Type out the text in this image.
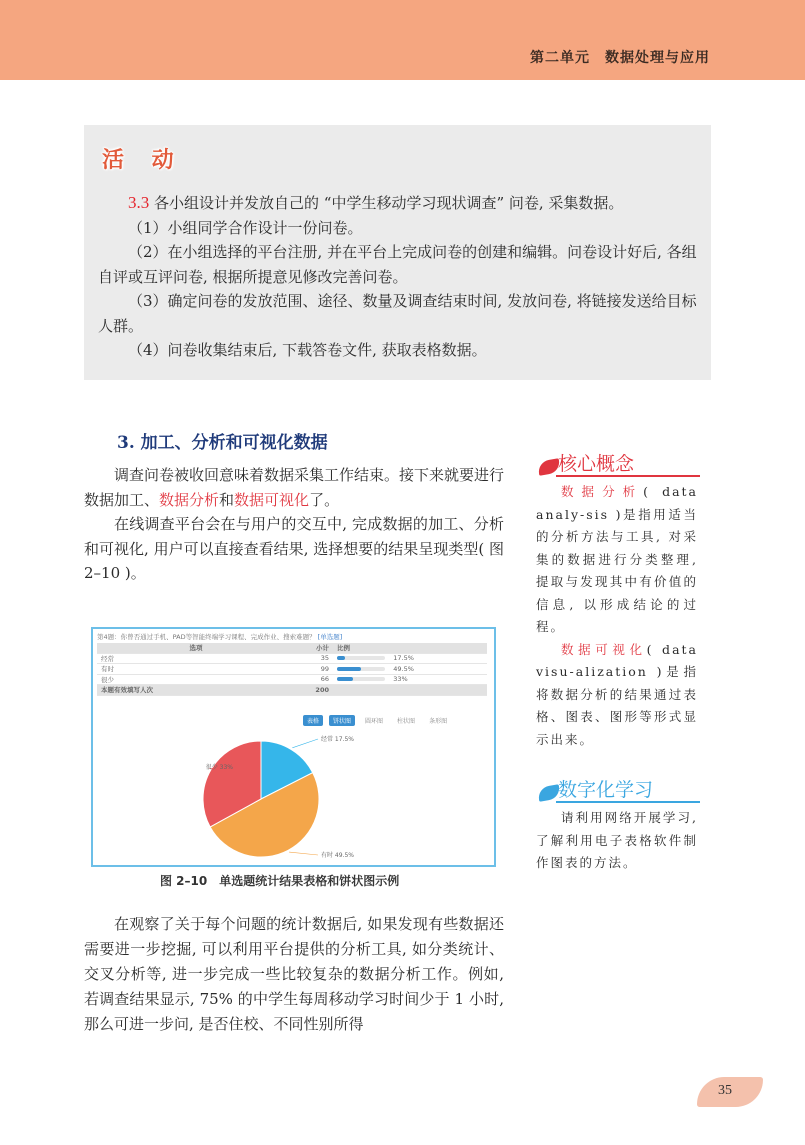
第二单元　数据处理与应用
活 动

3.3 各小组设计并发放自己的 “中学生移动学习现状调查” 问卷, 采集数据。

（1）小组同学合作设计一份问卷。

（2）在小组选择的平台注册, 并在平台上完成问卷的创建和编辑。问卷设计好后, 各组自评或互评问卷, 根据所提意见修改完善问卷。

（3）确定问卷的发放范围、途径、数量及调查结束时间, 发放问卷, 将链接发送给目标人群。

（4）问卷收集结束后, 下载答卷文件, 获取表格数据。

3. 加工、分析和可视化数据

调查问卷被收回意味着数据采集工作结束。接下来就要进行数据加工、数据分析和数据可视化了。

在线调查平台会在与用户的交互中, 完成数据的加工、分析和可视化, 用户可以直接查看结果, 选择想要的结果呈现类型( 图 2–10 )。

核心概念

数据分析( data analy-sis )是指用适当的分析方法与工具, 对采集的数据进行分类整理, 提取与发现其中有价值的信息, 以形成结论的过程。

数据可视化( data visu-alization )是指将数据分析的结果通过表格、图表、图形等形式显示出来。

数字化学习

请利用网络开展学习, 了解利用电子表格软件制作图表的方法。

第4题：你曾否通过手机、PAD等智能终端学习课程、完成作业、搜索难题？ [单选题]
选项	小计	比例
经常	35	17.5%
有时	99	49.5%
很少	66	33%
本题有效填写人次	200	
表格	饼状图	圆环图	柱状图	条形图
经常 17.5%
有时 49.5%
很少 33%
图 2–10　单选题统计结果表格和饼状图示例

在观察了关于每个问题的统计数据后, 如果发现有些数据还需要进一步挖掘, 可以利用平台提供的分析工具, 如分类统计、交叉分析等, 进一步完成一些比较复杂的数据分析工作。例如, 若调查结果显示, 75% 的中学生每周移动学习时间少于 1 小时, 那么可进一步问, 是否住校、不同性别所得

35
